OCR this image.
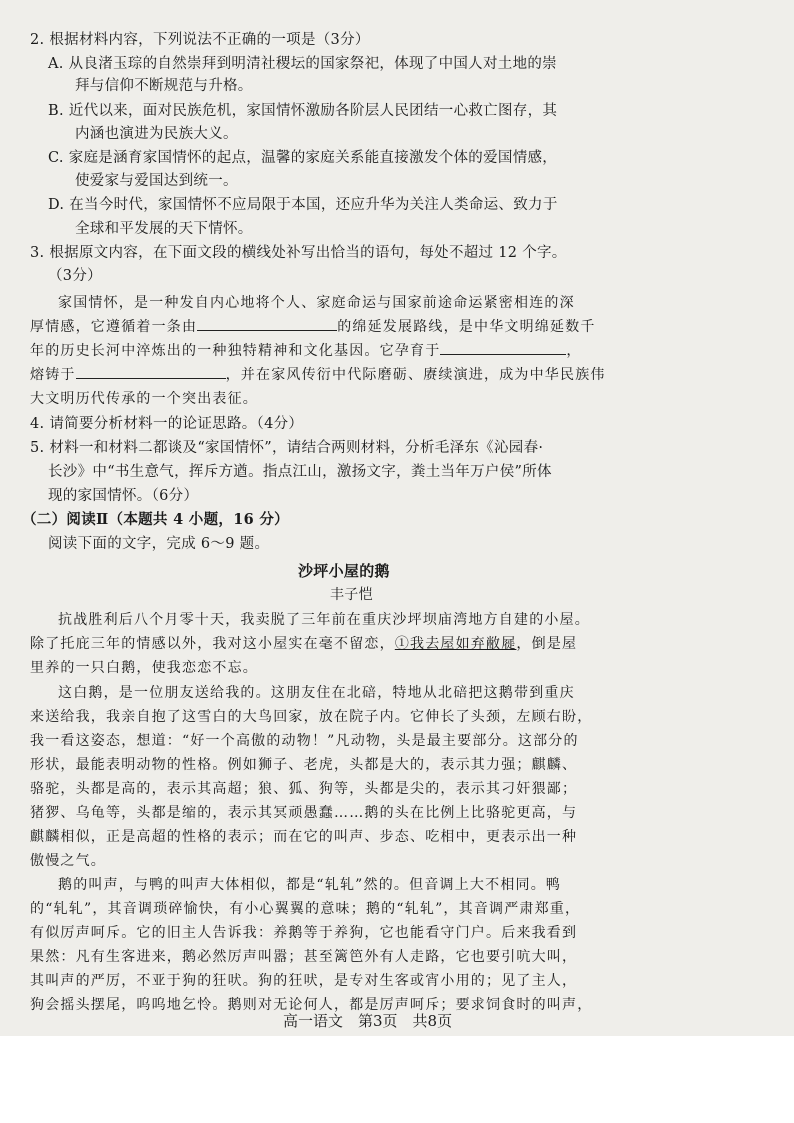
2. 根据材料内容，下列说法不正确的一项是（3分）
A. 从良渚玉琮的自然崇拜到明清社稷坛的国家祭祀，体现了中国人对土地的崇
拜与信仰不断规范与升格。
B. 近代以来，面对民族危机，家国情怀激励各阶层人民团结一心救亡图存，其
内涵也演进为民族大义。
C. 家庭是涵育家国情怀的起点，温馨的家庭关系能直接激发个体的爱国情感，
使爱家与爱国达到统一。
D. 在当今时代，家国情怀不应局限于本国，还应升华为关注人类命运、致力于
全球和平发展的天下情怀。
3. 根据原文内容，在下面文段的横线处补写出恰当的语句，每处不超过 12 个字。
（3分）
家国情怀，是一种发自内心地将个人、家庭命运与国家前途命运紧密相连的深
厚情感，它遵循着一条由	的绵延发展路线，是中华文明绵延数千
年的历史长河中淬炼出的一种独特精神和文化基因。它孕育于	，
熔铸于	，并在家风传衍中代际磨砺、赓续演进，成为中华民族伟
大文明历代传承的一个突出表征。
4. 请简要分析材料一的论证思路。（4分）
5. 材料一和材料二都谈及“家国情怀”，请结合两则材料，分析毛泽东《沁园春·
长沙》中“书生意气，挥斥方遒。指点江山，激扬文字，粪土当年万户侯”所体
现的家国情怀。（6分）
（二）阅读Ⅱ（本题共 4 小题，16 分）
阅读下面的文字，完成 6～9 题。
沙坪小屋的鹅
丰子恺
抗战胜利后八个月零十天，我卖脱了三年前在重庆沙坪坝庙湾地方自建的小屋。
除了托庇三年的情感以外，我对这小屋实在毫不留恋，①我去屋如弃敝屣，倒是屋
里养的一只白鹅，使我恋恋不忘。
这白鹅，是一位朋友送给我的。这朋友住在北碚，特地从北碚把这鹅带到重庆
来送给我，我亲自抱了这雪白的大鸟回家，放在院子内。它伸长了头颈，左顾右盼，
我一看这姿态，想道：“好一个高傲的动物！”凡动物，头是最主要部分。这部分的
形状，最能表明动物的性格。例如狮子、老虎，头都是大的，表示其力强；麒麟、
骆驼，头都是高的，表示其高超；狼、狐、狗等，头都是尖的，表示其刁奸猥鄙；
猪猡、乌龟等，头都是缩的，表示其冥顽愚蠢……鹅的头在比例上比骆驼更高，与
麒麟相似，正是高超的性格的表示；而在它的叫声、步态、吃相中，更表示出一种
傲慢之气。
鹅的叫声，与鸭的叫声大体相似，都是“轧轧”然的。但音调上大不相同。鸭
的“轧轧”，其音调琐碎愉快，有小心翼翼的意味；鹅的“轧轧”，其音调严肃郑重，
有似厉声呵斥。它的旧主人告诉我：养鹅等于养狗，它也能看守门户。后来我看到
果然：凡有生客进来，鹅必然厉声叫嚣；甚至篱笆外有人走路，它也要引吭大叫，
其叫声的严厉，不亚于狗的狂吠。狗的狂吠，是专对生客或宵小用的；见了主人，
狗会摇头摆尾，呜呜地乞怜。鹅则对无论何人，都是厉声呵斥；要求饲食时的叫声，
高一语文　第3页　共8页
